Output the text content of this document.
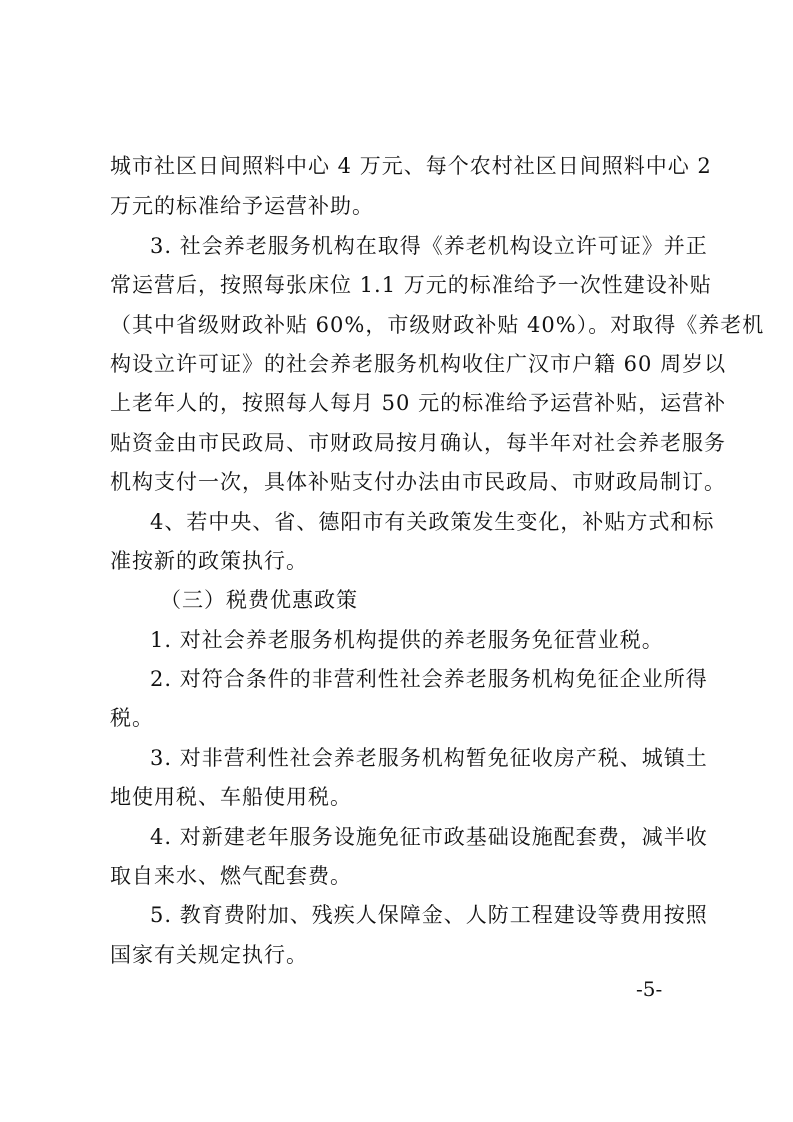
城市社区日间照料中心 4 万元、每个农村社区日间照料中心 2
万元的标准给予运营补助。
3. 社会养老服务机构在取得《养老机构设立许可证》并正
常运营后，按照每张床位 1.1 万元的标准给予一次性建设补贴
（其中省级财政补贴 60%，市级财政补贴 40%）。对取得《养老机
构设立许可证》的社会养老服务机构收住广汉市户籍 60 周岁以
上老年人的，按照每人每月 50 元的标准给予运营补贴，运营补
贴资金由市民政局、市财政局按月确认，每半年对社会养老服务
机构支付一次，具体补贴支付办法由市民政局、市财政局制订。
4、若中央、省、德阳市有关政策发生变化，补贴方式和标
准按新的政策执行。
（三）税费优惠政策
1. 对社会养老服务机构提供的养老服务免征营业税。
2. 对符合条件的非营利性社会养老服务机构免征企业所得
税。
3. 对非营利性社会养老服务机构暂免征收房产税、城镇土
地使用税、车船使用税。
4. 对新建老年服务设施免征市政基础设施配套费，减半收
取自来水、燃气配套费。
5. 教育费附加、残疾人保障金、人防工程建设等费用按照
国家有关规定执行。
-5-
